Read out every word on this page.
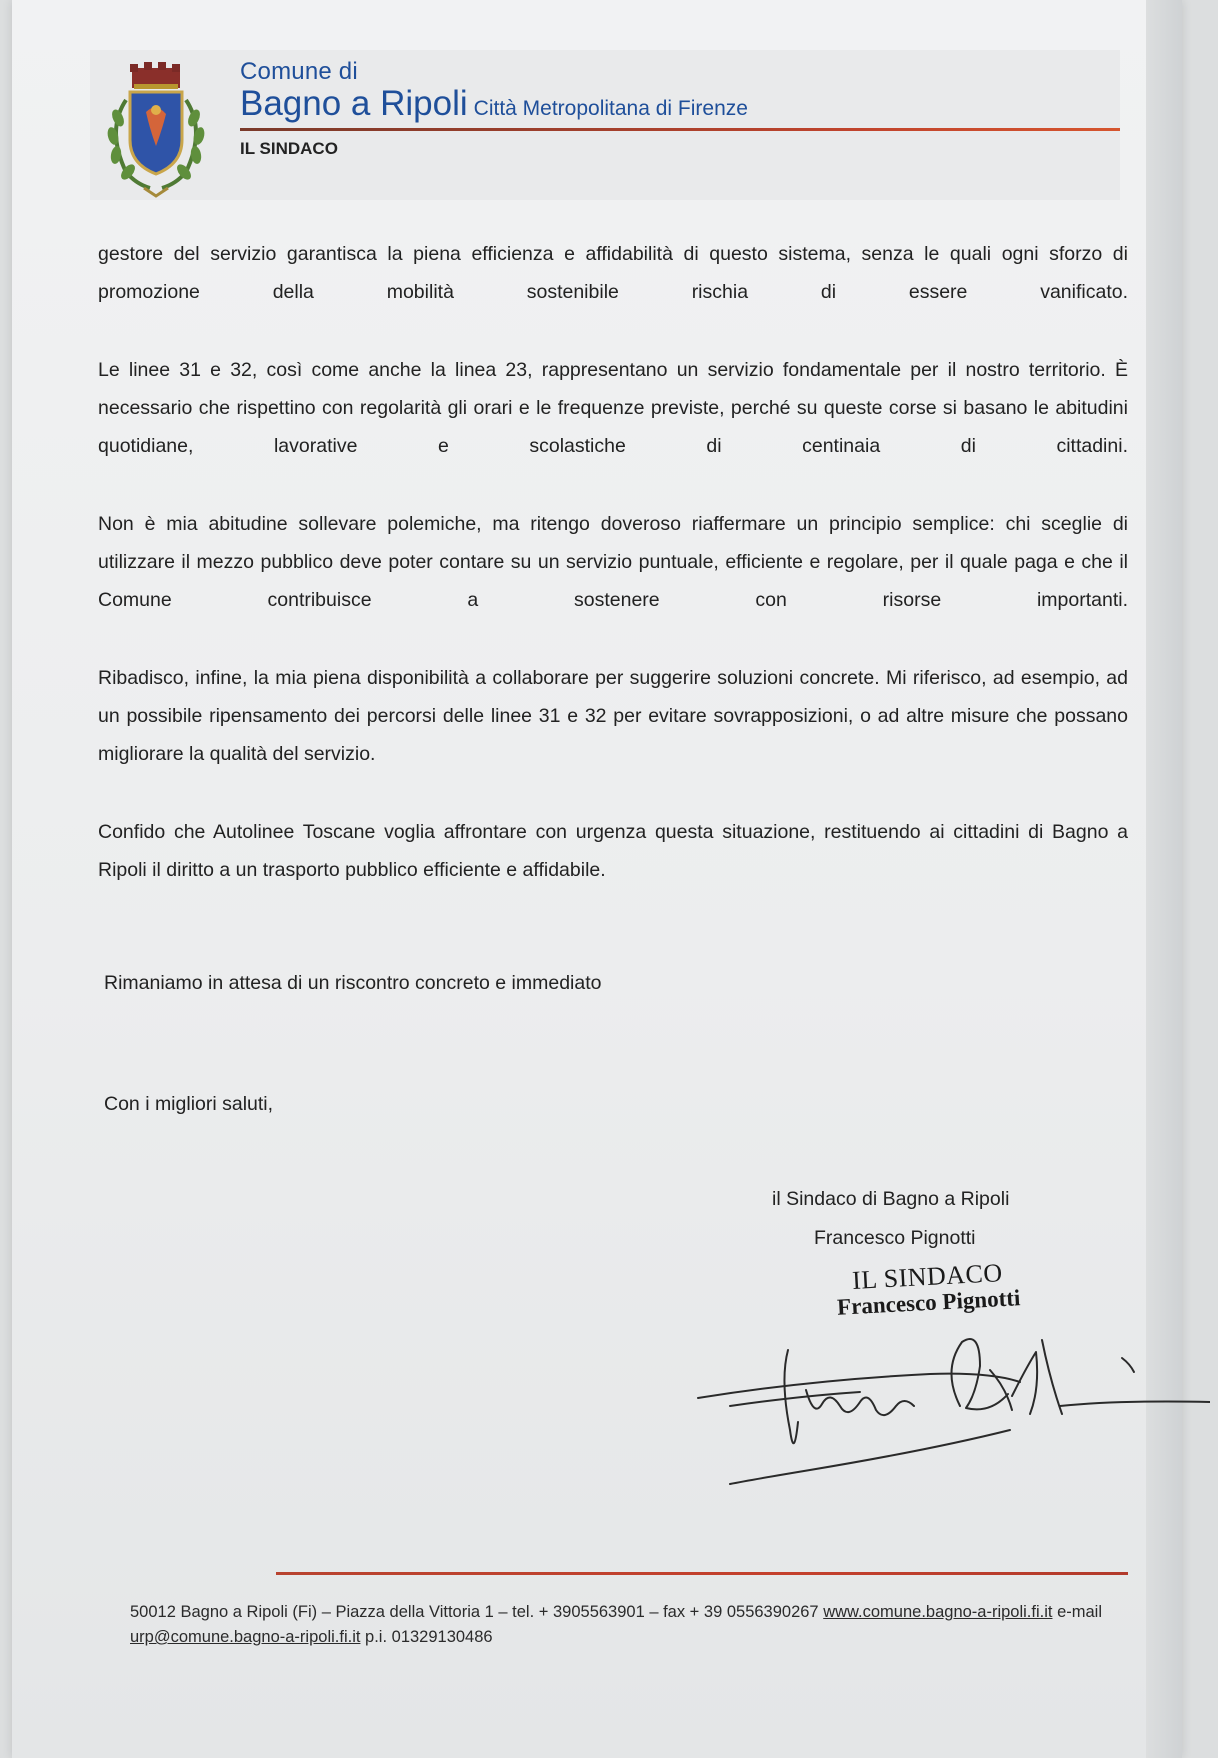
Comune di
Bagno a Ripoli Città Metropolitana di Firenze
IL SINDACO

gestore del servizio garantisca la piena efficienza e affidabilità di questo sistema, senza le quali ogni sforzo di promozione della mobilità sostenibile rischia di essere vanificato.

Le linee 31 e 32, così come anche la linea 23, rappresentano un servizio fondamentale per il nostro territorio. È necessario che rispettino con regolarità gli orari e le frequenze previste, perché su queste corse si basano le abitudini quotidiane, lavorative e scolastiche di centinaia di cittadini.

Non è mia abitudine sollevare polemiche, ma ritengo doveroso riaffermare un principio semplice: chi sceglie di utilizzare il mezzo pubblico deve poter contare su un servizio puntuale, efficiente e regolare, per il quale paga e che il Comune contribuisce a sostenere con risorse importanti.

Ribadisco, infine, la mia piena disponibilità a collaborare per suggerire soluzioni concrete. Mi riferisco, ad esempio, ad un possibile ripensamento dei percorsi delle linee 31 e 32 per evitare sovrapposizioni, o ad altre misure che possano migliorare la qualità del servizio.

Confido che Autolinee Toscane voglia affrontare con urgenza questa situazione, restituendo ai cittadini di Bagno a Ripoli il diritto a un trasporto pubblico efficiente e affidabile.

Rimaniamo in attesa di un riscontro concreto e immediato
Con i migliori saluti,
il Sindaco di Bagno a Ripoli
Francesco Pignotti
IL SINDACO
Francesco Pignotti
50012 Bagno a Ripoli (Fi) – Piazza della Vittoria 1 – tel. + 3905563901 – fax + 39 0556390267 www.comune.bagno-a-ripoli.fi.it e-mail urp@comune.bagno-a-ripoli.fi.it p.i. 01329130486
